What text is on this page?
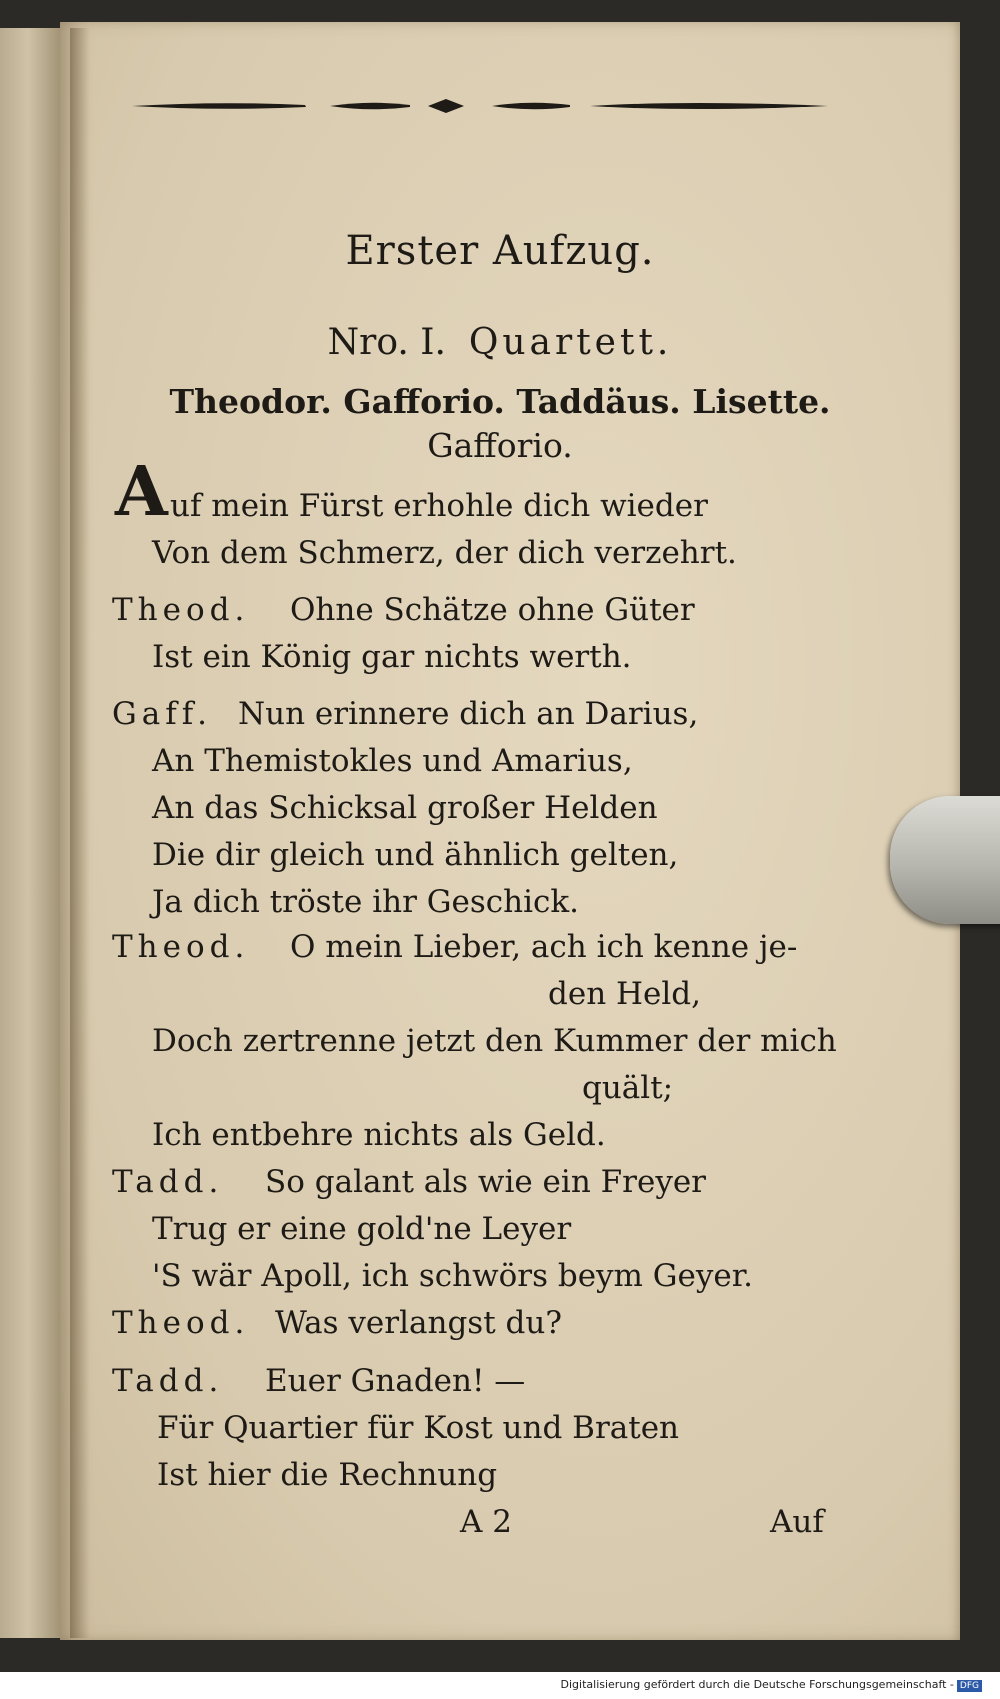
Erster Aufzug.
Nro. I. Quartett.
Theodor. Gafforio. Taddäus. Lisette.
Gafforio.
A uf mein Fürst erhohle dich wieder
Von dem Schmerz, der dich verzehrt.
Theod. Ohne Schätze ohne Güter
Ist ein König gar nichts werth.
Gaff. Nun erinnere dich an Darius,
An Themistokles und Amarius,
An das Schicksal großer Helden
Die dir gleich und ähnlich gelten,
Ja dich tröste ihr Geschick.
Theod. O mein Lieber, ach ich kenne je-
den Held,
Doch zertrenne jetzt den Kummer der mich
quält;
Ich entbehre nichts als Geld.
Tadd. So galant als wie ein Freyer
Trug er eine gold'ne Leyer
'S wär Apoll, ich schwörs beym Geyer.
Theod. Was verlangst du?
Tadd. Euer Gnaden! —
Für Quartier für Kost und Braten
Ist hier die Rechnung
A 2	Auf
Digitalisierung gefördert durch die Deutsche Forschungsgemeinschaft - DFG
